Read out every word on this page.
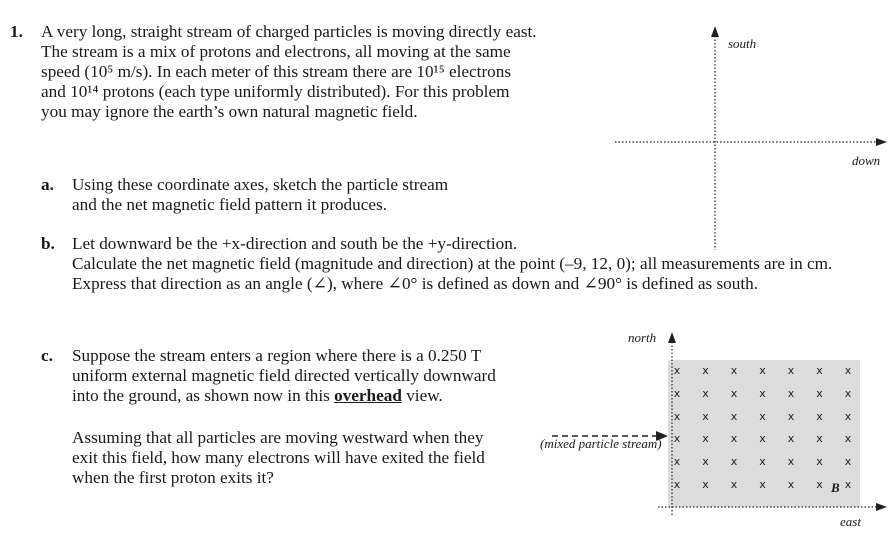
1. A very long, straight stream of charged particles is moving directly east.
The stream is a mix of protons and electrons, all moving at the same
speed (10⁵ m/s). In each meter of this stream there are 10¹⁵ electrons
and 10¹⁴ protons (each type uniformly distributed). For this problem
you may ignore the earth’s own natural magnetic field.
a. Using these coordinate axes, sketch the particle stream
and the net magnetic field pattern it produces.
b. Let downward be the +x-direction and south be the +y-direction.
Calculate the net magnetic field (magnitude and direction) at the point (–9, 12, 0); all measurements are in cm.
Express that direction as an angle (∠), where ∠0° is defined as down and ∠90° is defined as south.
c. Suppose the stream enters a region where there is a 0.250 T
uniform external magnetic field directed vertically downward
into the ground, as shown now in this overhead view.
Assuming that all particles are moving westward when they
exit this field, how many electrons will have exited the field
when the first proton exits it?
south
down
north
east
(mixed particle stream)
B
x x x x x x x
x x x x x x x
x x x x x x x
x x x x x x x
x x x x x x x
x x x x x x x
